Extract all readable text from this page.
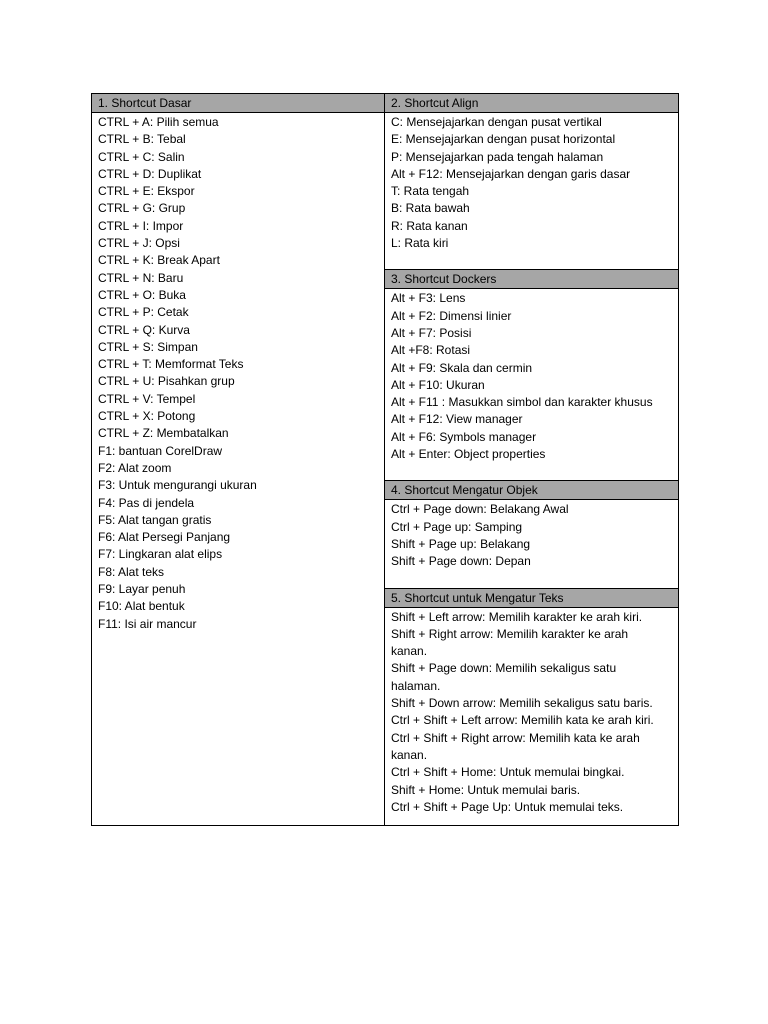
1. Shortcut Dasar
CTRL + A: Pilih semua
CTRL + B: Tebal
CTRL + C: Salin
CTRL + D: Duplikat
CTRL + E: Ekspor
CTRL + G: Grup
CTRL + I: Impor
CTRL + J: Opsi
CTRL + K: Break Apart
CTRL + N: Baru
CTRL + O: Buka
CTRL + P: Cetak
CTRL + Q: Kurva
CTRL + S: Simpan
CTRL + T: Memformat Teks
CTRL + U: Pisahkan grup
CTRL + V: Tempel
CTRL + X: Potong
CTRL + Z: Membatalkan
F1: bantuan CorelDraw
F2: Alat zoom
F3: Untuk mengurangi ukuran
F4: Pas di jendela
F5: Alat tangan gratis
F6: Alat Persegi Panjang
F7: Lingkaran alat elips
F8: Alat teks
F9: Layar penuh
F10: Alat bentuk
F11: Isi air mancur
2. Shortcut Align
C: Mensejajarkan dengan pusat vertikal
E: Mensejajarkan dengan pusat horizontal
P: Mensejajarkan pada tengah halaman
Alt + F12: Mensejajarkan dengan garis dasar
T: Rata tengah
B: Rata bawah
R: Rata kanan
L: Rata kiri
3. Shortcut Dockers
Alt + F3: Lens
Alt + F2: Dimensi linier
Alt + F7: Posisi
Alt +F8: Rotasi
Alt + F9: Skala dan cermin
Alt + F10: Ukuran
Alt + F11 : Masukkan simbol dan karakter khusus
Alt + F12: View manager
Alt + F6: Symbols manager
Alt + Enter: Object properties
4. Shortcut Mengatur Objek
Ctrl + Page down: Belakang Awal
Ctrl + Page up: Samping
Shift + Page up: Belakang
Shift + Page down: Depan
5. Shortcut untuk Mengatur Teks
Shift + Left arrow: Memilih karakter ke arah kiri.
Shift + Right arrow: Memilih karakter ke arah
kanan.
Shift + Page down: Memilih sekaligus satu
halaman.
Shift + Down arrow: Memilih sekaligus satu baris.
Ctrl + Shift + Left arrow: Memilih kata ke arah kiri.
Ctrl + Shift + Right arrow: Memilih kata ke arah
kanan.
Ctrl + Shift + Home: Untuk memulai bingkai.
Shift + Home: Untuk memulai baris.
Ctrl + Shift + Page Up: Untuk memulai teks.
